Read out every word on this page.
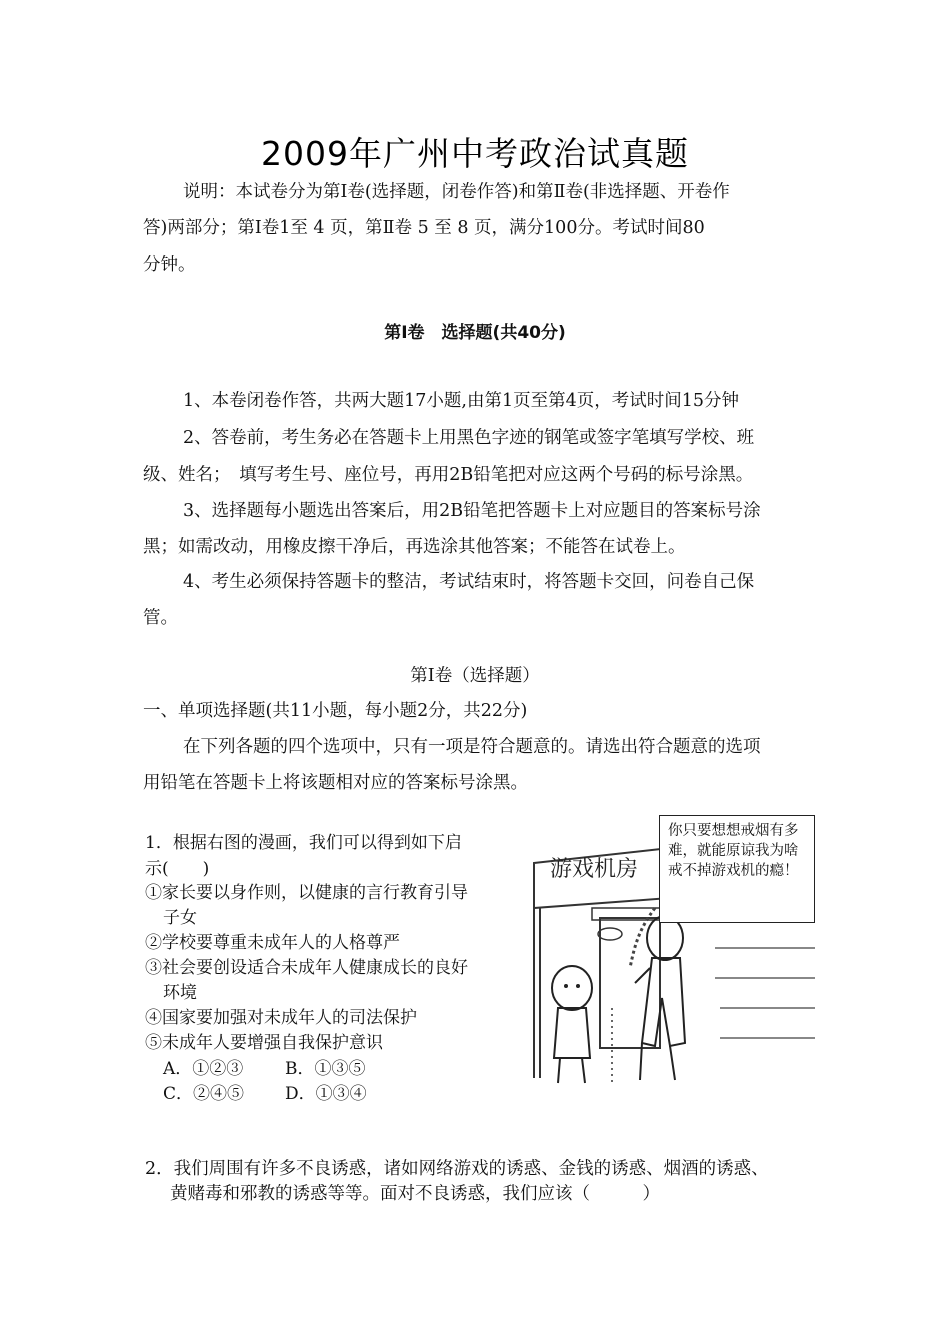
2009年广州中考政治试真题
说明：本试卷分为第Ⅰ卷(选择题，闭卷作答)和第Ⅱ卷(非选择题、开卷作
答)两部分；第Ⅰ卷1至 4 页，第Ⅱ卷 5 至 8 页，满分100分。考试时间80
分钟。
第Ⅰ卷　选择题(共40分)
1、本卷闭卷作答，共两大题17小题,由第1页至第4页，考试时间15分钟
2、答卷前，考生务必在答题卡上用黑色字迹的钢笔或签字笔填写学校、班
级、姓名；　填写考生号、座位号，再用2B铅笔把对应这两个号码的标号涂黑。
3、选择题每小题选出答案后，用2B铅笔把答题卡上对应题目的答案标号涂
黑；如需改动，用橡皮擦干净后，再选涂其他答案；不能答在试卷上。
4、考生必须保持答题卡的整洁，考试结束时，将答题卡交回，问卷自己保
管。
第Ⅰ卷（选择题）
一、单项选择题(共11小题，每小题2分，共22分)
在下列各题的四个选项中，只有一项是符合题意的。请选出符合题意的选项
用铅笔在答题卡上将该题相对应的答案标号涂黑。
1．根据右图的漫画，我们可以得到如下启
示(　　)
①家长要以身作则，以健康的言行教育引导
子女
②学校要尊重未成年人的人格尊严
③社会要创设适合未成年人健康成长的良好
环境
④国家要加强对未成年人的司法保护
⑤未成年人要增强自我保护意识
A．①②③ B．①③⑤
C．②④⑤ D．①③④
游戏机房
你只要想想戒烟有多难，就能原谅我为啥戒不掉游戏机的瘾！
2．我们周围有许多不良诱惑，诸如网络游戏的诱惑、金钱的诱惑、烟酒的诱惑、
黄赌毒和邪教的诱惑等等。面对不良诱惑，我们应该（　　　）
